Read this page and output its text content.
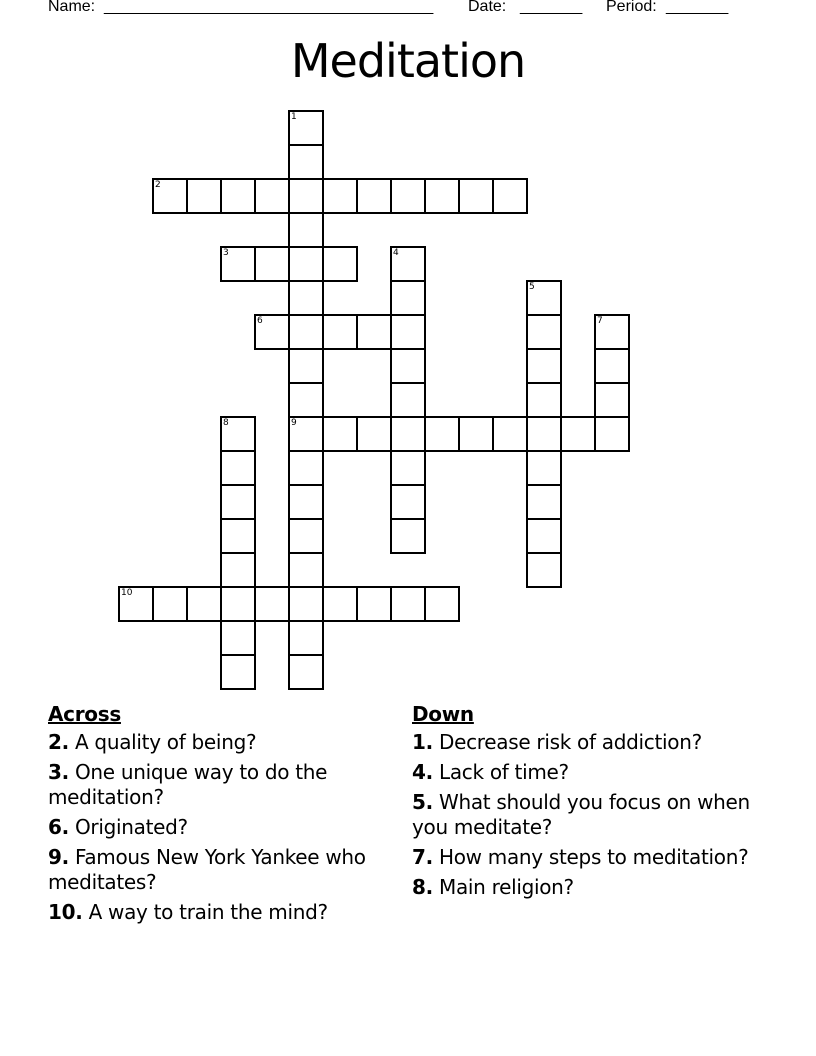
Name:

_____________________________________

Date:

_______

Period:

_______

Meditation
1
9
2
3	4
5
6	7
8
10
Across
2. A quality of being?
3. One unique way to do the meditation?
6. Originated?
9. Famous New York Yankee who meditates?
10. A way to train the mind?
Down
1. Decrease risk of addiction?
4. Lack of time?
5. What should you focus on when you meditate?
7. How many steps to meditation?
8. Main religion?
